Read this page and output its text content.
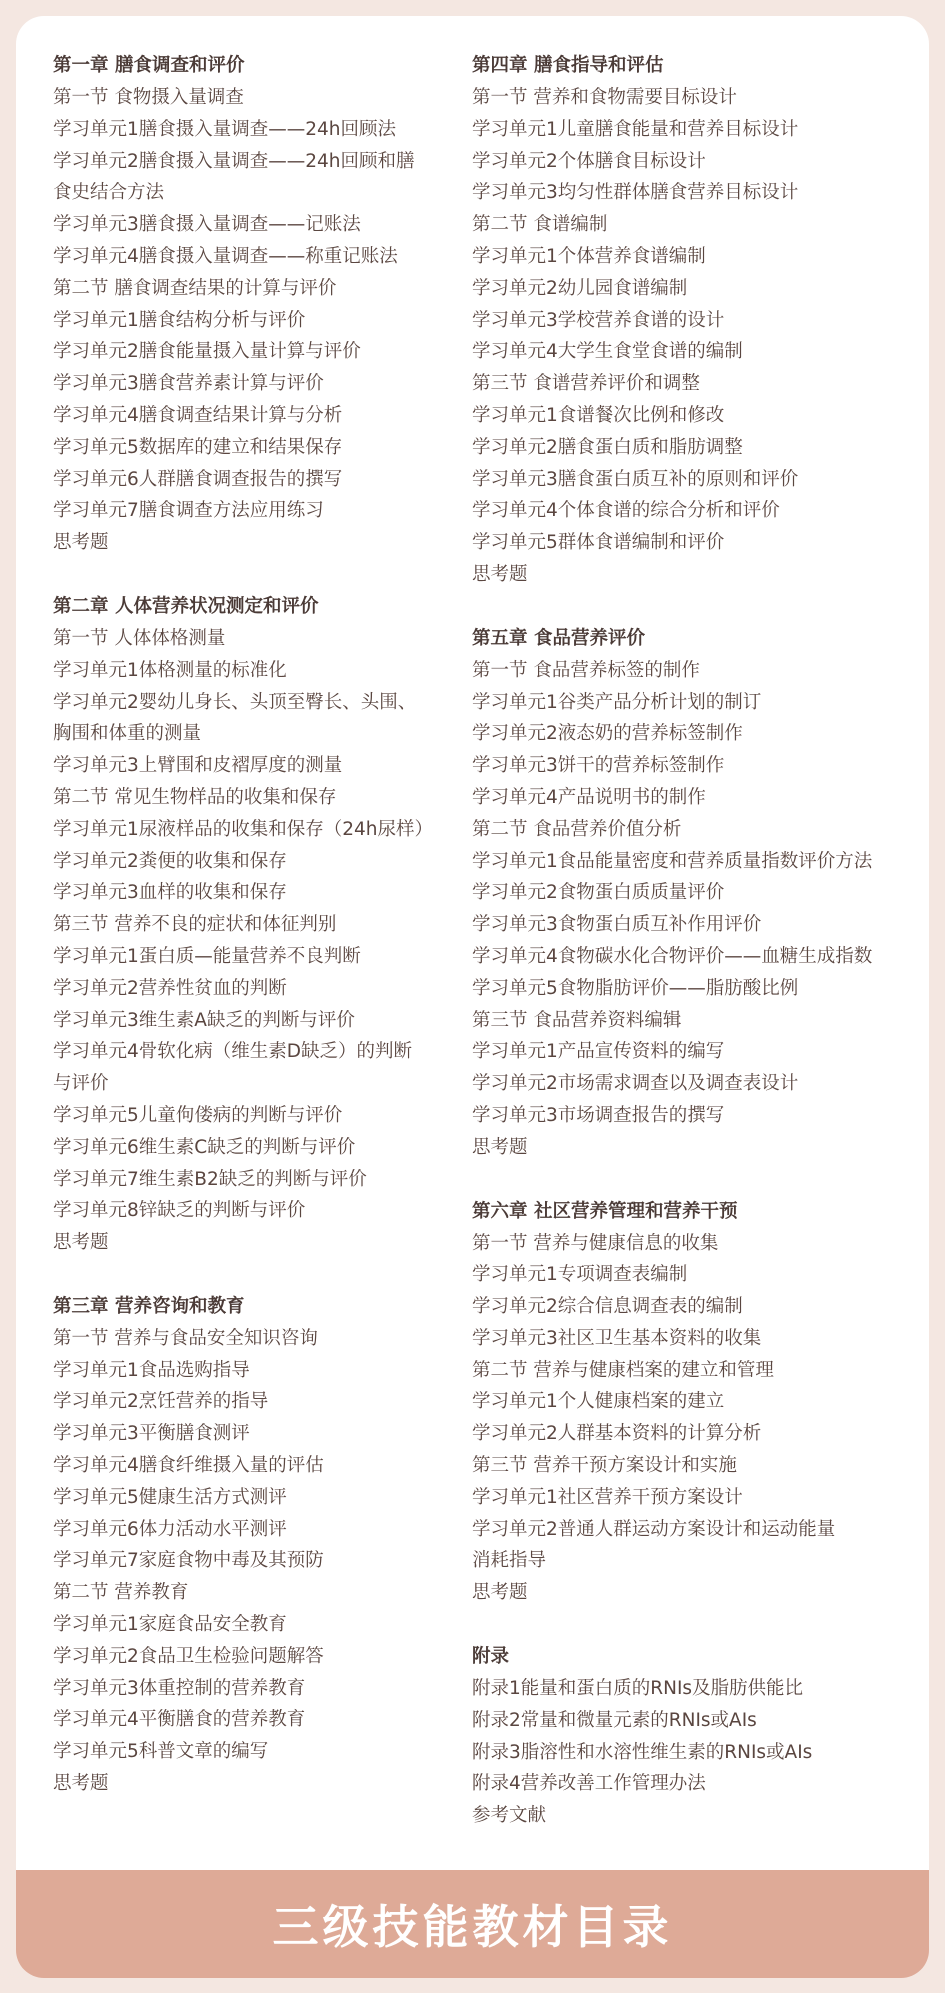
第一章 膳食调查和评价
第一节 食物摄入量调查
学习单元1膳食摄入量调查——24h回顾法
学习单元2膳食摄入量调查——24h回顾和膳
食史结合方法
学习单元3膳食摄入量调查——记账法
学习单元4膳食摄入量调查——称重记账法
第二节 膳食调查结果的计算与评价
学习单元1膳食结构分析与评价
学习单元2膳食能量摄入量计算与评价
学习单元3膳食营养素计算与评价
学习单元4膳食调查结果计算与分析
学习单元5数据库的建立和结果保存
学习单元6人群膳食调查报告的撰写
学习单元7膳食调查方法应用练习
思考题
第二章 人体营养状况测定和评价
第一节 人体体格测量
学习单元1体格测量的标准化
学习单元2婴幼儿身长、头顶至臀长、头围、
胸围和体重的测量
学习单元3上臂围和皮褶厚度的测量
第二节 常见生物样品的收集和保存
学习单元1尿液样品的收集和保存（24h尿样）
学习单元2粪便的收集和保存
学习单元3血样的收集和保存
第三节 营养不良的症状和体征判别
学习单元1蛋白质—能量营养不良判断
学习单元2营养性贫血的判断
学习单元3维生素A缺乏的判断与评价
学习单元4骨软化病（维生素D缺乏）的判断
与评价
学习单元5儿童佝偻病的判断与评价
学习单元6维生素C缺乏的判断与评价
学习单元7维生素B2缺乏的判断与评价
学习单元8锌缺乏的判断与评价
思考题
第三章 营养咨询和教育
第一节 营养与食品安全知识咨询
学习单元1食品选购指导
学习单元2烹饪营养的指导
学习单元3平衡膳食测评
学习单元4膳食纤维摄入量的评估
学习单元5健康生活方式测评
学习单元6体力活动水平测评
学习单元7家庭食物中毒及其预防
第二节 营养教育
学习单元1家庭食品安全教育
学习单元2食品卫生检验问题解答
学习单元3体重控制的营养教育
学习单元4平衡膳食的营养教育
学习单元5科普文章的编写
思考题
第四章 膳食指导和评估
第一节 营养和食物需要目标设计
学习单元1儿童膳食能量和营养目标设计
学习单元2个体膳食目标设计
学习单元3均匀性群体膳食营养目标设计
第二节 食谱编制
学习单元1个体营养食谱编制
学习单元2幼儿园食谱编制
学习单元3学校营养食谱的设计
学习单元4大学生食堂食谱的编制
第三节 食谱营养评价和调整
学习单元1食谱餐次比例和修改
学习单元2膳食蛋白质和脂肪调整
学习单元3膳食蛋白质互补的原则和评价
学习单元4个体食谱的综合分析和评价
学习单元5群体食谱编制和评价
思考题
第五章 食品营养评价
第一节 食品营养标签的制作
学习单元1谷类产品分析计划的制订
学习单元2液态奶的营养标签制作
学习单元3饼干的营养标签制作
学习单元4产品说明书的制作
第二节 食品营养价值分析
学习单元1食品能量密度和营养质量指数评价方法
学习单元2食物蛋白质质量评价
学习单元3食物蛋白质互补作用评价
学习单元4食物碳水化合物评价——血糖生成指数
学习单元5食物脂肪评价——脂肪酸比例
第三节 食品营养资料编辑
学习单元1产品宣传资料的编写
学习单元2市场需求调查以及调查表设计
学习单元3市场调查报告的撰写
思考题
第六章 社区营养管理和营养干预
第一节 营养与健康信息的收集
学习单元1专项调查表编制
学习单元2综合信息调查表的编制
学习单元3社区卫生基本资料的收集
第二节 营养与健康档案的建立和管理
学习单元1个人健康档案的建立
学习单元2人群基本资料的计算分析
第三节 营养干预方案设计和实施
学习单元1社区营养干预方案设计
学习单元2普通人群运动方案设计和运动能量
消耗指导
思考题
附录
附录1能量和蛋白质的RNIs及脂肪供能比
附录2常量和微量元素的RNIs或AIs
附录3脂溶性和水溶性维生素的RNIs或AIs
附录4营养改善工作管理办法
参考文献
三级技能教材目录
